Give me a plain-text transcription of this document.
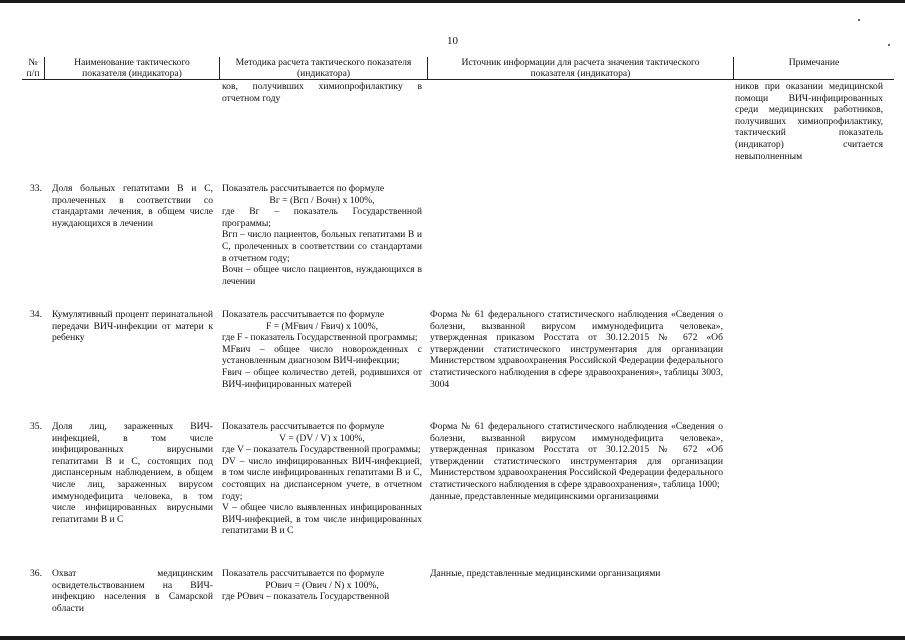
10
№
п/п
Наименование тактического
показателя (индикатора)
Методика расчета тактического показателя
(индикатора)
Источник информации для расчета значения тактического
показателя (индикатора)
Примечание
ков, получивших химиопрофилактику в отчетном году
ников при оказании медицинской помощи ВИЧ-инфицированных среди медицинских работников, получивших химиопрофилактику, тактический показатель (индикатор) считается невыполненным
33. Доля больных гепатитами В и С, пролеченных в соответствии со стандартами лечения, в общем числе нуждающихся в лечении
Показатель рассчитывается по формуле
Вг = (Вгп / Вочн) х 100%,
где Вг – показатель Государственной программы;
Вгп – число пациентов, больных гепатитами В и С, пролеченных в соответствии со стандартами в отчетном году;
Вочн – общее число пациентов, нуждающихся в лечении
34. Кумулятивный процент перинатальной передачи ВИЧ-инфекции от матери к ребенку
Показатель рассчитывается по формуле
F = (MFвич / Fвич) х 100%,
где F - показатель Государственной программы;
MFвич – общее число новорожденных с установленным диагнозом ВИЧ-инфекции;
Fвич – общее количество детей, родившихся от ВИЧ-инфицированных матерей
Форма № 61 федерального статистического наблюдения «Сведения о болезни, вызванной вирусом иммунодефицита человека», утвержденная приказом Росстата от 30.12.2015 № 672 «Об утверждении статистического инструментария для организации Министерством здравоохранения Российской Федерации федерального статистического наблюдения в сфере здравоохранения», таблицы 3003, 3004
35. Доля лиц, зараженных ВИЧ-инфекцией, в том числе инфицированных вирусными гепатитами В и С, состоящих под диспансерным наблюдением, в общем числе лиц, зараженных вирусом иммунодефицита человека, в том числе инфицированных вирусными гепатитами В и С
Показатель рассчитывается по формуле
V = (DV / V) х 100%,
где V – показатель Государственной программы;
DV – число инфицированных ВИЧ-инфекцией, в том числе инфицированных гепатитами В и С, состоящих на диспансерном учете, в отчетном году;
V – общее число выявленных инфицированных ВИЧ-инфекцией, в том числе инфицированных гепатитами В и С
Форма № 61 федерального статистического наблюдения «Сведения о болезни, вызванной вирусом иммунодефицита человека», утвержденная приказом Росстата от 30.12.2015 № 672 «Об утверждении статистического инструментария для организации Министерством здравоохранения Российской Федерации федерального статистического наблюдения в сфере здравоохранения», таблица 1000;
данные, представленные медицинскими организациями
36. Охват медицинским освидетельствованием на ВИЧ-инфекцию населения в Самарской области
Показатель рассчитывается по формуле
POвич = (Oвич / N) х 100%,
где POвич – показатель Государственной
Данные, представленные медицинскими организациями
